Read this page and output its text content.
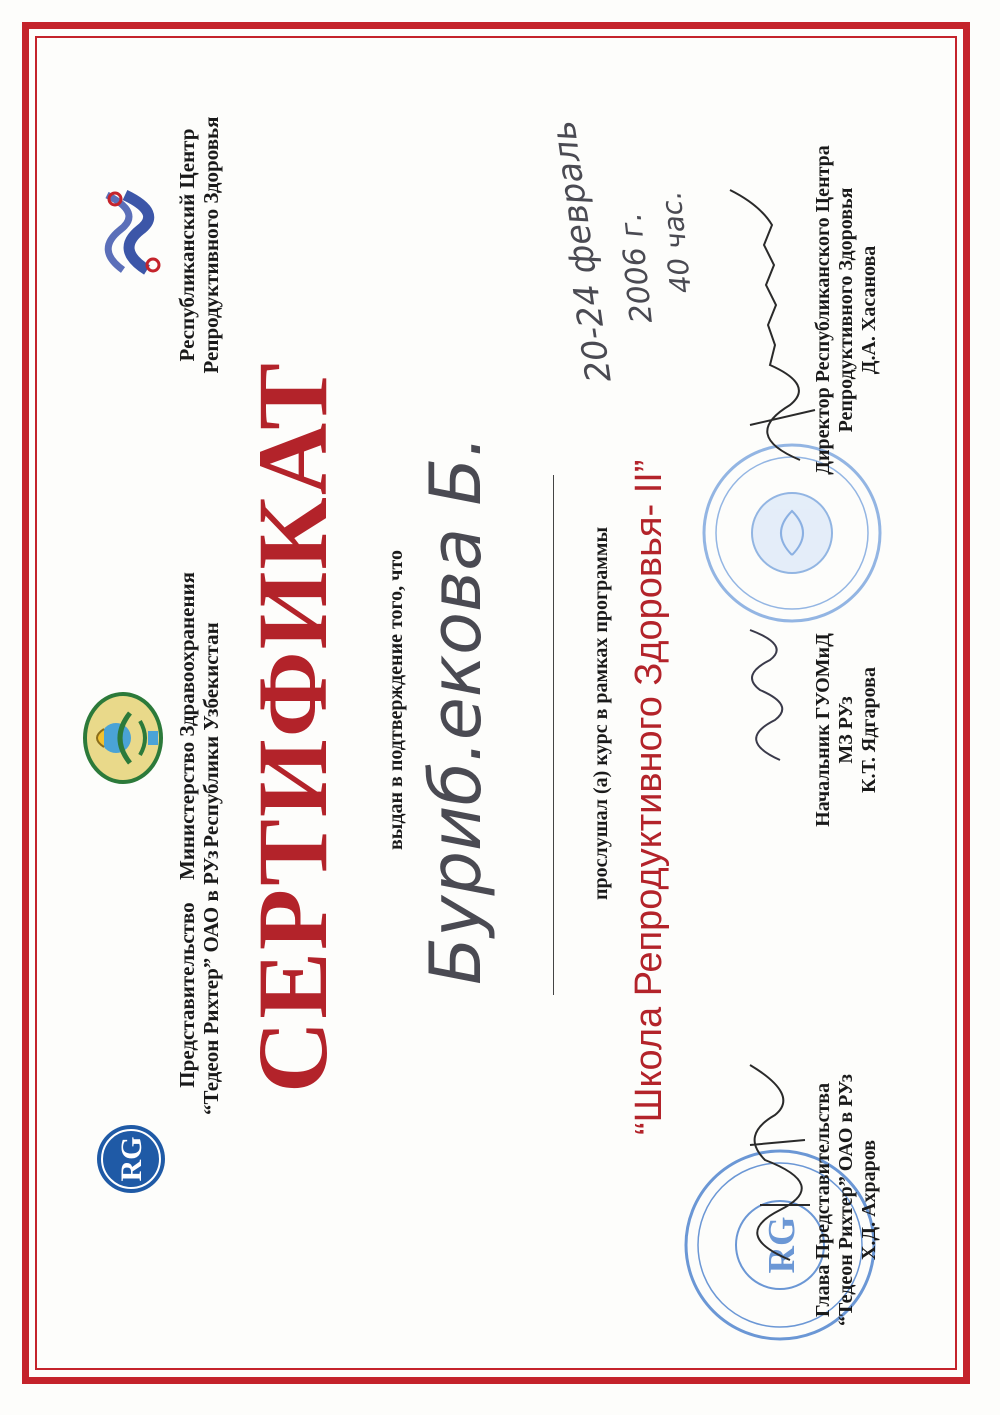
RG
Представительство “Тедеон Рихтер” ОАО в РУз
Министерство Здравоохранения Республики Узбекистан
Республиканский Центр Репродуктивного Здоровья
СЕРТИФИКАТ выдан в подтверждение того, что Буриб.екова Б.	прослушал (а) курс в рамках программы “Школа Репродуктивного Здоровья- II”
20-24 февраль
2006 г.
40 час.
RG Глава Представительства “Тедеон Рихтер” ОАО в РУз Х.Д. Ахраров
Начальник ГУОМиД МЗ РУз К.Т. Ядгарова
Директор Республиканского Центра Репродуктивного Здоровья Д.А. Хасанова
